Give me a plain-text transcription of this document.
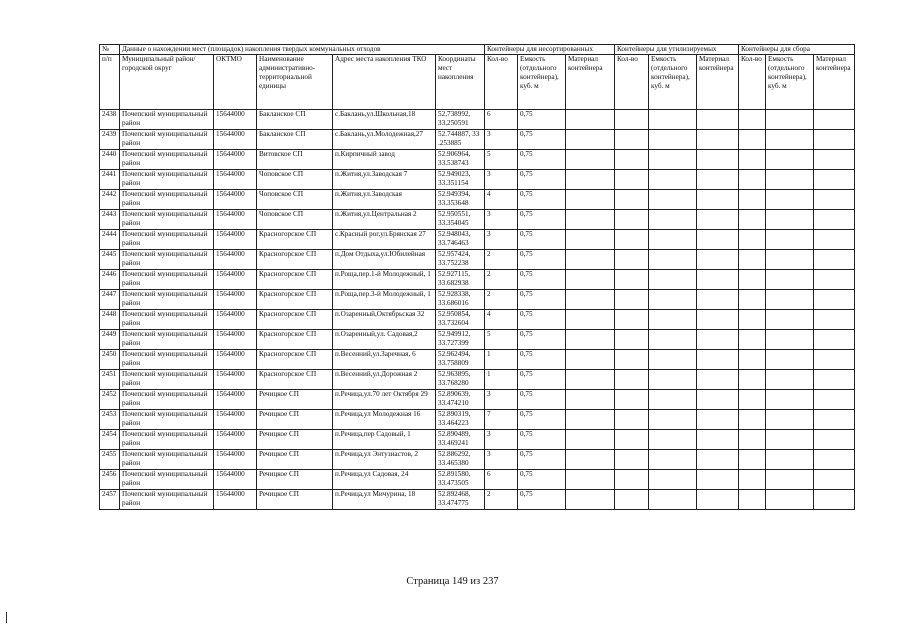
№	Данные о нахождении мест (площадок) накопления твердых коммунальных отходов					Контейнеры для несортированных			Контейнеры для утилизируемых			Контейнеры для сбора		
п/п	Муниципальный район/городской округ	ОКТМО	Наименование административно-территориальной единицы	Адрес места накопления ТКО	Координаты мест накопления	Кол-во	Емкость (отдельного контейнера), куб. м	Материал контейнера	Кол-во	Емкость (отдельного контейнера), куб. м	Материал контейнера	Кол-во	Емкость (отдельного контейнера), куб. м	Материал контейнера
2438	Почепский муниципальный район	15644000	Бакланское СП	с.Баклань,ул.Школьная,18	52,738992, 33,250591	6	0,75							
2439	Почепский муниципальный район	15644000	Бакланское СП	с.Баклань,ул.Молодежная,27	52.744887, 33 .253885	3	0,75							
2440	Почепский муниципальный район	15644000	Витовское СП	п.Кирпичный завод	52.906964, 33.538743	5	0,75							
2441	Почепский муниципальный район	15644000	Чоповское СП	п.Житня,ул.Заводская 7	52.949023, 33.351154	3	0,75							
2442	Почепский муниципальный район	15644000	Чоповское СП	п.Житня,ул.Заводская	52.949394, 33.353648	4	0,75							
2443	Почепский муниципальный район	15644000	Чоповское СП	п.Житня,ул.Центральная 2	52.950551, 33.354045	3	0,75							
2444	Почепский муниципальный район	15644000	Красногорское СП	с.Красный рог,ул.Брянская 27	52.948043, 33.746463	3	0,75							
2445	Почепский муниципальный район	15644000	Красногорское СП	п.Дом Отдыха,ул.Юбилейная	52.957424, 33.752238	2	0,75							
2446	Почепский муниципальный район	15644000	Красногорское СП	п.Роща,пер.1-й Молодежный, 1	52.927115, 33.682938	2	0,75							
2447	Почепский муниципальный район	15644000	Красногорское СП	п.Роща,пер.3-й Молодежный, 1	52.928338, 33.686016	2	0,75							
2448	Почепский муниципальный район	15644000	Красногорское СП	п.Озаренный,Октябрьская 32	52.950854, 33.732604	4	0,75							
2449	Почепский муниципальный район	15644000	Красногорское СП	п.Озаренный,ул. Садовая,2	52.949912, 33.727399	5	0,75							
2450	Почепский муниципальный район	15644000	Красногорское СП	п.Весенний,ул.Заречная, 6	52.962494, 33.758809	1	0,75							
2451	Почепский муниципальный район	15644000	Красногорское СП	п.Весенний,ул.Дорожная 2	52.963895, 33.768280	1	0,75							
2452	Почепский муниципальный район	15644000	Речицкое СП	п.Речица,ул.70 лет Октября 29	52.890639, 33.474210	3	0,75							
2453	Почепский муниципальный район	15644000	Речицкое СП	п.Речица,ул Молодежная 16	52.890319, 33.464223	7	0,75							
2454	Почепский муниципальный район	15644000	Речицкое СП	п.Речица,пер Садовый, 1	52.890489, 33.469241	3	0,75							
2455	Почепский муниципальный район	15644000	Речицкое СП	п.Речица,ул Энтузиастов, 2	52.886292, 33.465380	3	0,75							
2456	Почепский муниципальный район	15644000	Речицкое СП	п.Речица,ул Садовая, 24	52.891580, 33.473505	6	0,75							
2457	Почепский муниципальный район	15644000	Речицкое СП	п.Речица,ул Мичурина, 18	52.892468, 33.474775	2	0,75							
Страница 149 из 237
